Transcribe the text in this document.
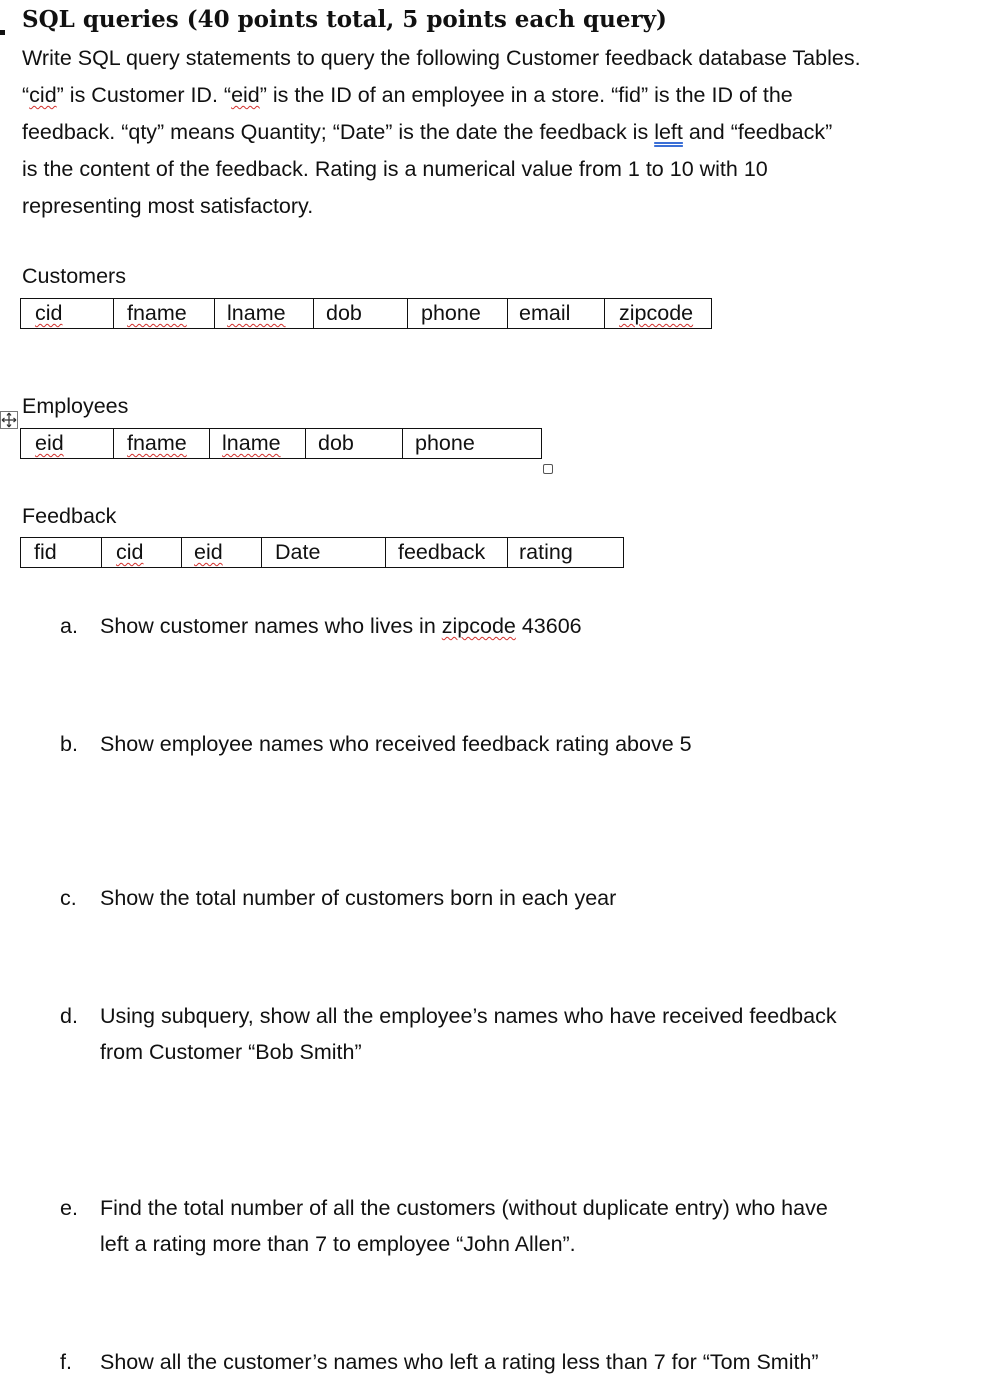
SQL queries (40 points total, 5 points each query)
Write SQL query statements to query the following Customer feedback database Tables.
“cid” is Customer ID. “eid” is the ID of an employee in a store. “fid” is the ID of the
feedback. “qty” means Quantity; “Date” is the date the feedback is left and “feedback”
is the content of the feedback. Rating is a numerical value from 1 to 10 with 10
representing most satisfactory.
Customers
cid	fname	lname	dob	phone	email	zipcode
Employees
eid	fname	lname	dob	phone
Feedback
fid	cid	eid	Date	feedback	rating
a.	Show customer names who lives in zipcode 43606
b.	Show employee names who received feedback rating above 5
c.	Show the total number of customers born in each year
d.	Using subquery, show all the employee’s names who have received feedback
from Customer “Bob Smith”
e.	Find the total number of all the customers (without duplicate entry) who have
left a rating more than 7 to employee “John Allen”.
f.	Show all the customer’s names who left a rating less than 7 for “Tom Smith”
